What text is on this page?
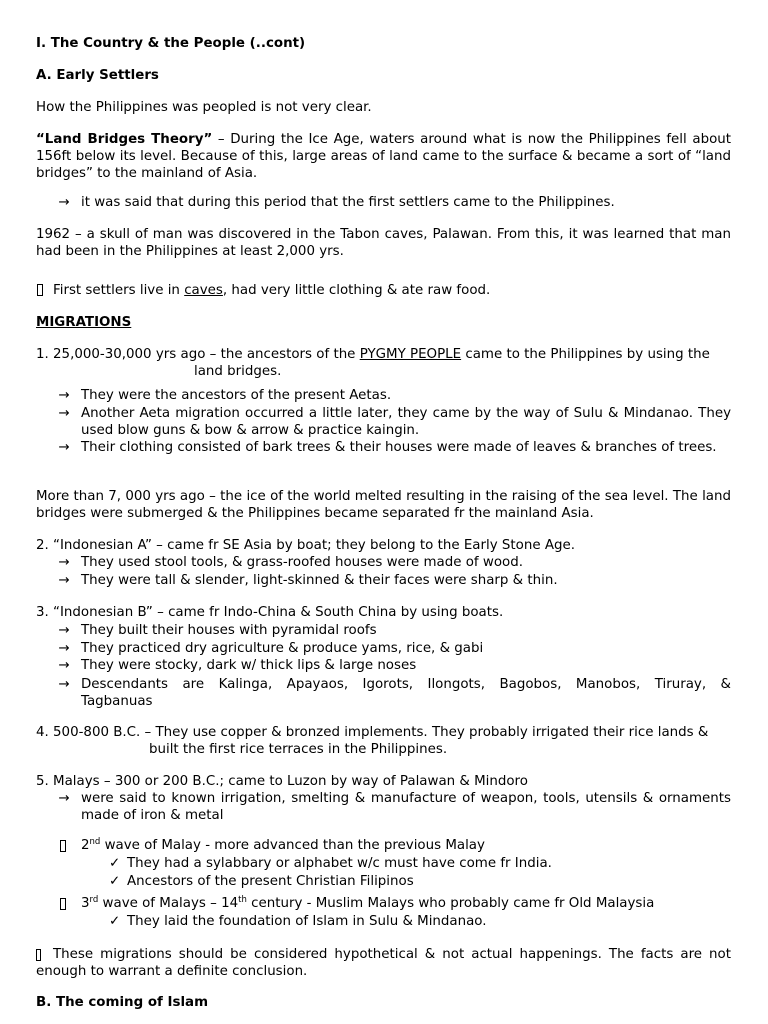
I. The Country & the People (..cont)
A. Early Settlers
How the Philippines was peopled is not very clear.
“Land Bridges Theory” – During the Ice Age, waters around what is now the Philippines fell about 156ft below its level. Because of this, large areas of land came to the surface & became a sort of “land bridges” to the mainland of Asia.
→ it was said that during this period that the first settlers came to the Philippines.
1962 – a skull of man was discovered in the Tabon caves, Palawan. From this, it was learned that man had been in the Philippines at least 2,000 yrs.
First settlers live in caves, had very little clothing & ate raw food.
MIGRATIONS
1. 25,000-30,000 yrs ago – the ancestors of the PYGMY PEOPLE came to the Philippines by using the
land bridges.
→ They were the ancestors of the present Aetas.
→ Another Aeta migration occurred a little later, they came by the way of Sulu & Mindanao. They used blow guns & bow & arrow & practice kaingin.
→ Their clothing consisted of bark trees & their houses were made of leaves & branches of trees.
More than 7, 000 yrs ago – the ice of the world melted resulting in the raising of the sea level. The land bridges were submerged & the Philippines became separated fr the mainland Asia.
2. “Indonesian A” – came fr SE Asia by boat; they belong to the Early Stone Age.
→ They used stool tools, & grass-roofed houses were made of wood.
→ They were tall & slender, light-skinned & their faces were sharp & thin.
3. “Indonesian B” – came fr Indo-China & South China by using boats.
→ They built their houses with pyramidal roofs
→ They practiced dry agriculture & produce yams, rice, & gabi
→ They were stocky, dark w/ thick lips & large noses
→ Descendants are Kalinga, Apayaos, Igorots, Ilongots, Bagobos, Manobos, Tiruray, &
Tagbanuas
4. 500-800 B.C. – They use copper & bronzed implements. They probably irrigated their rice lands &
built the first rice terraces in the Philippines.
5. Malays – 300 or 200 B.C.; came to Luzon by way of Palawan & Mindoro
→ were said to known irrigation, smelting & manufacture of weapon, tools, utensils & ornaments made of iron & metal
2nd wave of Malay - more advanced than the previous Malay
✓ They had a sylabbary or alphabet w/c must have come fr India.
✓ Ancestors of the present Christian Filipinos
3rd wave of Malays – 14th century - Muslim Malays who probably came fr Old Malaysia
✓ They laid the foundation of Islam in Sulu & Mindanao.
These migrations should be considered hypothetical & not actual happenings. The facts are not enough to warrant a definite conclusion.
B. The coming of Islam
